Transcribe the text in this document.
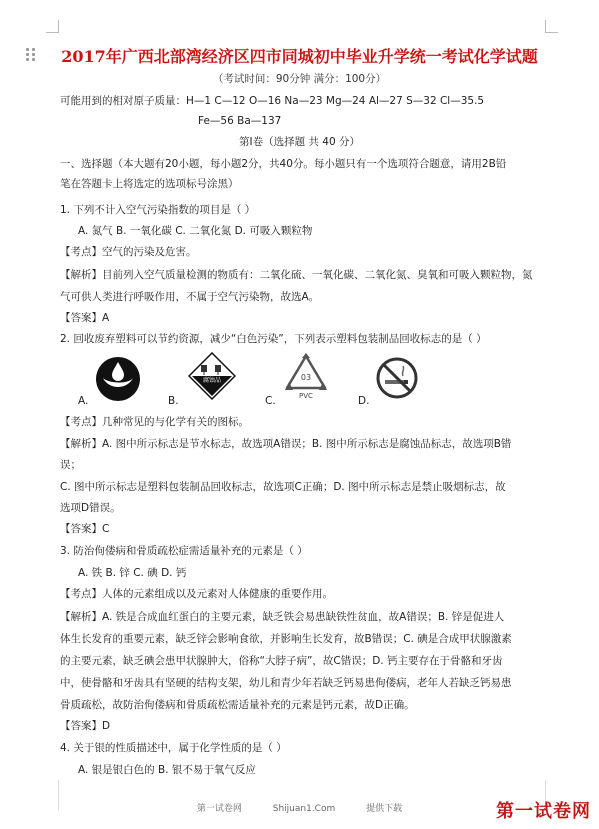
2017年广西北部湾经济区四市同城初中毕业升学统一考试化学试题
（考试时间：90分钟 满分：100分）
可能用到的相对原子质量：H—1 C—12 O—16 Na—23 Mg—24 Al—27 S—32 Cl—35.5
Fe—56 Ba—137
第Ⅰ卷（选择题 共 40 分）
一、选择题（本大题有20小题，每小题2分，共40分。每小题只有一个选项符合题意，请用2B铅
笔在答题卡上将选定的选项标号涂黑）
1. 下列不计入空气污染指数的项目是（ ）
A. 氮气 B. 一氧化碳 C. 二氧化氮 D. 可吸入颗粒物
【考点】空气的污染及危害。
【解析】目前列入空气质量检测的物质有：二氧化硫、一氧化碳、二氧化氮、臭氧和可吸入颗粒物，氮
气可供人类进行呼吸作用，不属于空气污染物，故选A。
【答案】A
2. 回收废弃塑料可以节约资源，减少“白色污染”，下列表示塑料包装制品回收标志的是（ ）
A.	B.
腐蚀品
C.
03
PVC	D.
【考点】几种常见的与化学有关的图标。
【解析】A. 图中所示标志是节水标志，故选项A错误；B. 图中所示标志是腐蚀品标志，故选项B错
误；
C. 图中所示标志是塑料包装制品回收标志，故选项C正确；D. 图中所示标志是禁止吸烟标志，故
选项D错误。
【答案】C
3. 防治佝偻病和骨质疏松症需适量补充的元素是（ ）
A. 铁 B. 锌 C. 碘 D. 钙
【考点】人体的元素组成以及元素对人体健康的重要作用。
【解析】A. 铁是合成血红蛋白的主要元素，缺乏铁会易患缺铁性贫血，故A错误；B. 锌是促进人
体生长发育的重要元素，缺乏锌会影响食欲，并影响生长发育，故B错误；C. 碘是合成甲状腺激素
的主要元素，缺乏碘会患甲状腺肿大，俗称“大脖子病”，故C错误；D. 钙主要存在于骨骼和牙齿
中，使骨骼和牙齿具有坚硬的结构支架，幼儿和青少年若缺乏钙易患佝偻病，老年人若缺乏钙易患
骨质疏松，故防治佝偻病和骨质疏松需适量补充的元素是钙元素，故D正确。
【答案】D
4. 关于银的性质描述中，属于化学性质的是（ ）
A. 银是银白色的 B. 银不易于氧气反应
第一试卷网	Shijuan1.Com	提供下载	第一试卷网
